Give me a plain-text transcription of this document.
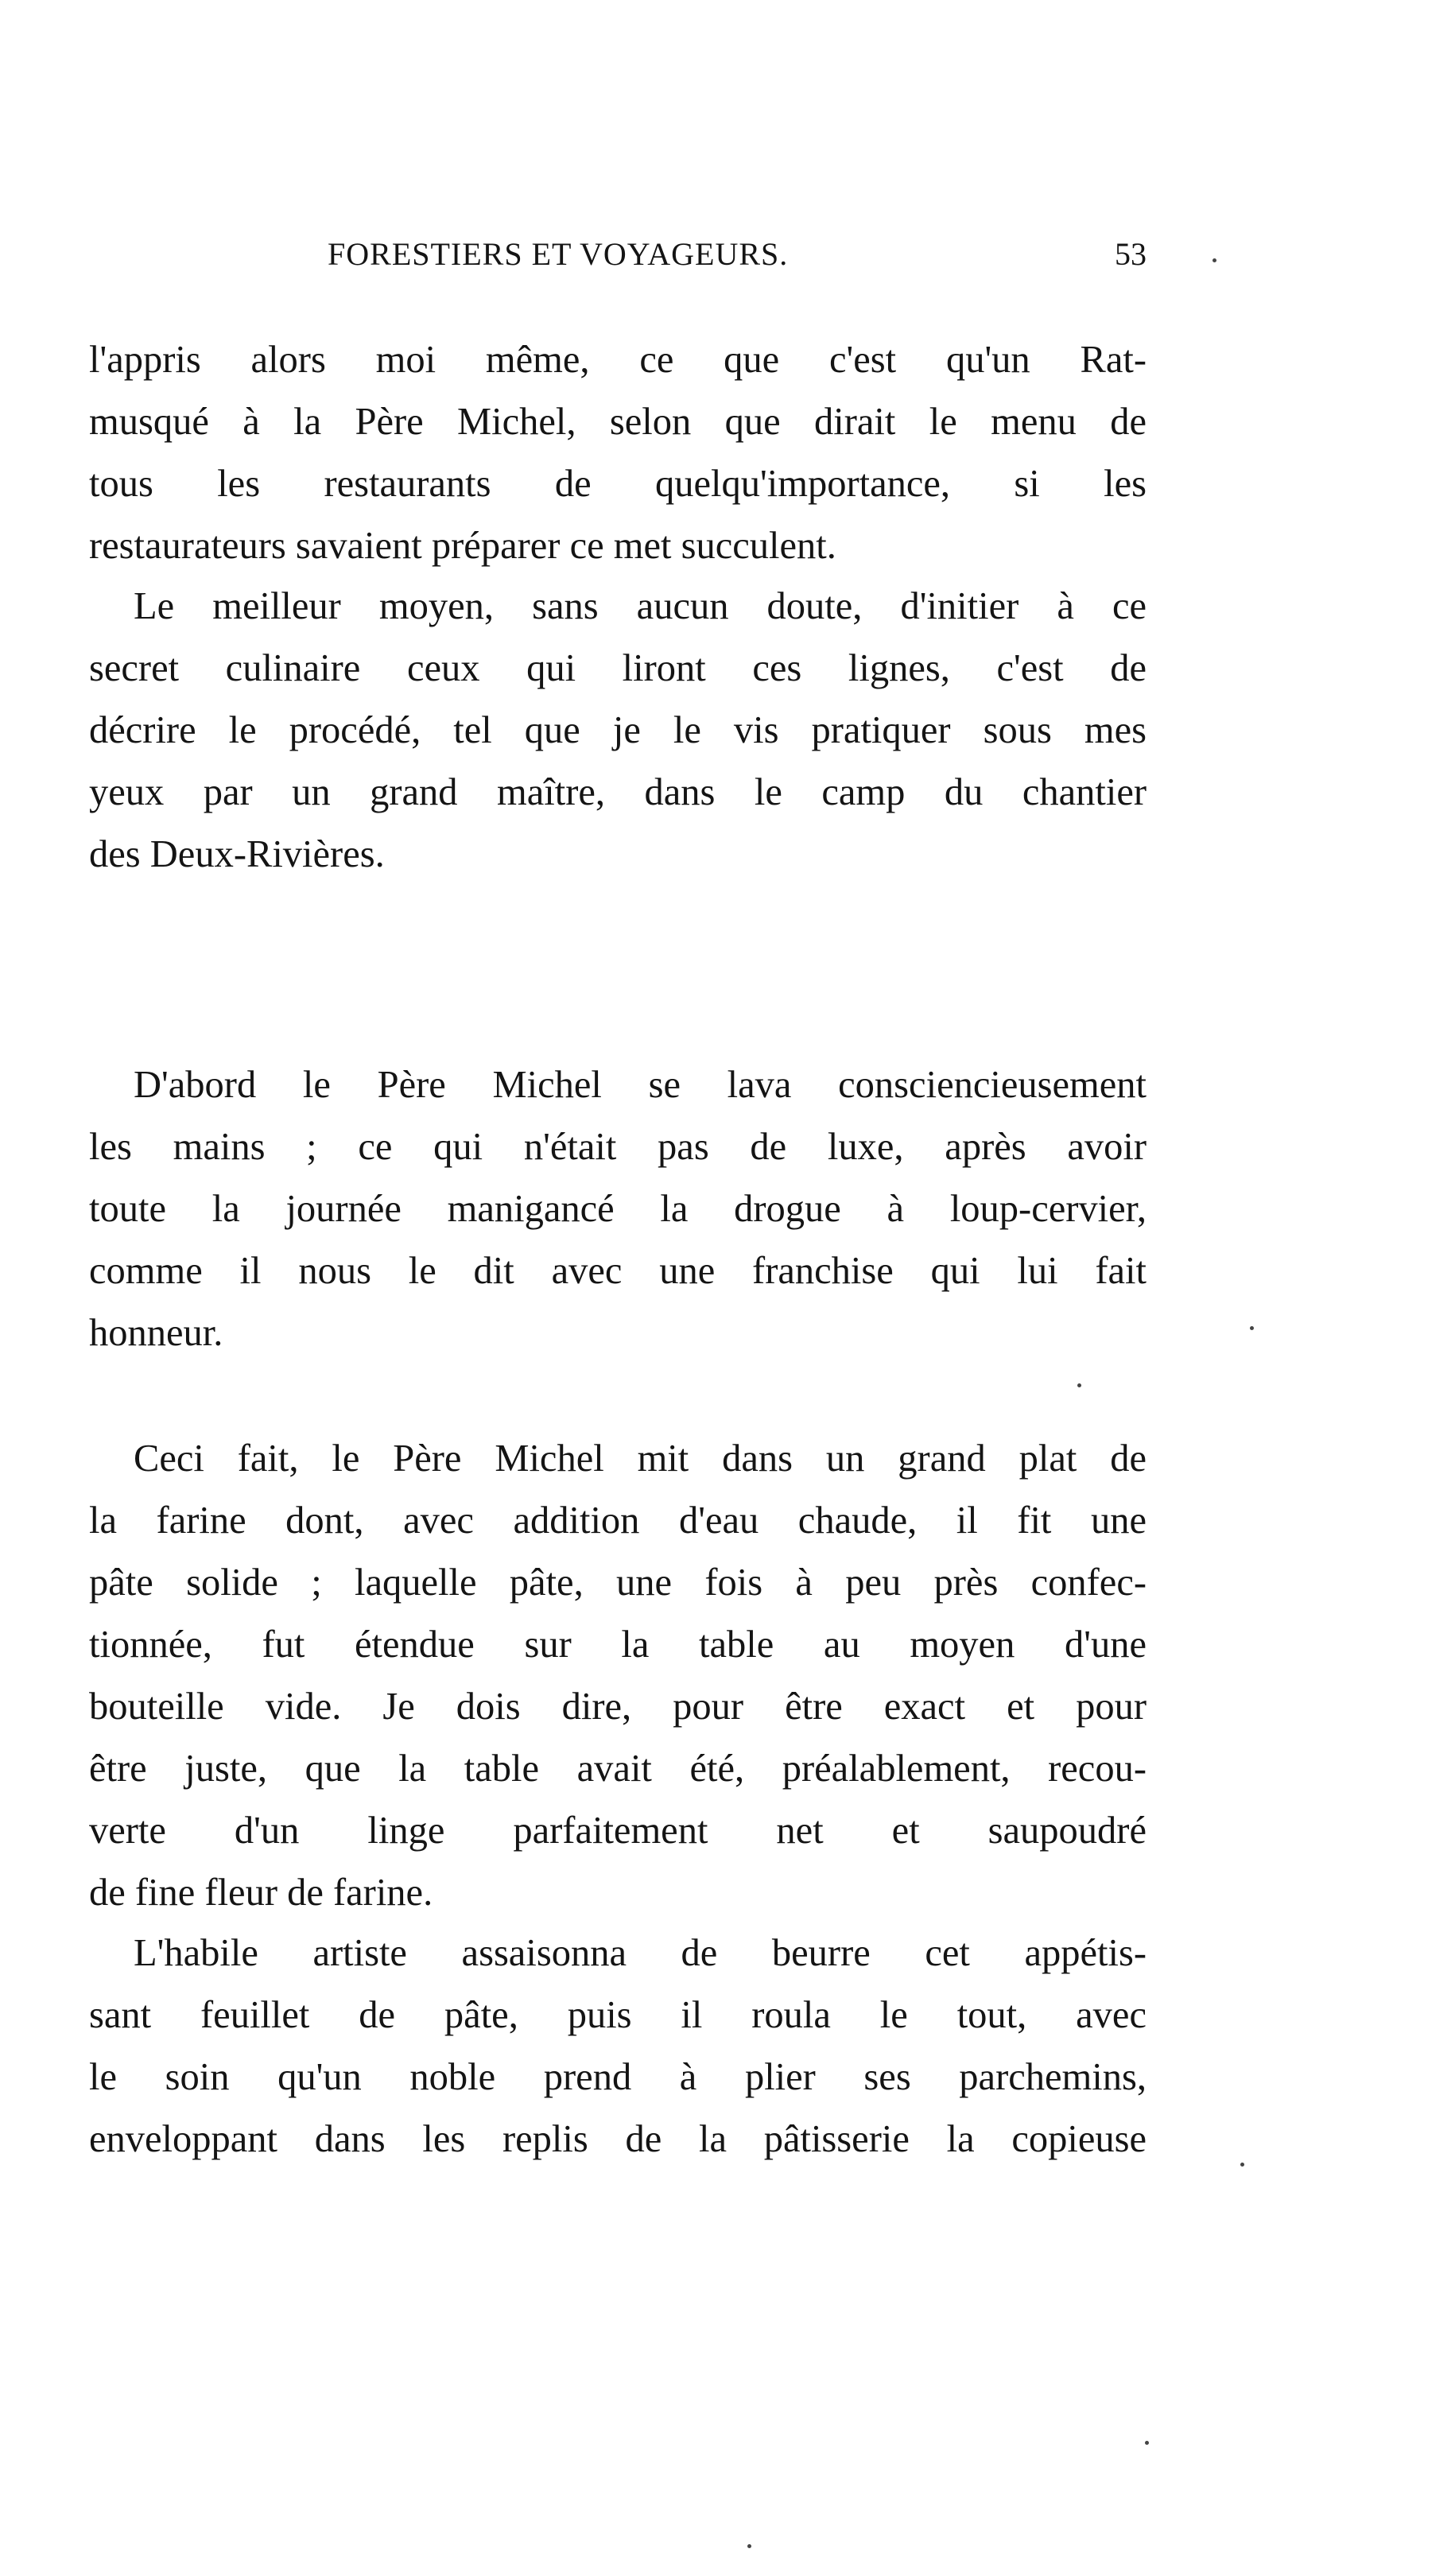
FORESTIERS ET VOYAGEURS.	53
l'appris alors moi même, ce que c'est qu'un Rat-
musqué à la Père Michel, selon que dirait le menu de
tous les restaurants de quelqu'importance, si les
restaurateurs savaient préparer ce met succulent.
Le meilleur moyen, sans aucun doute, d'initier à ce
secret culinaire ceux qui liront ces lignes, c'est de
décrire le procédé, tel que je le vis pratiquer sous mes
yeux par un grand maître, dans le camp du chantier
des Deux-Rivières.
D'abord le Père Michel se lava consciencieusement
les mains ; ce qui n'était pas de luxe, après avoir
toute la journée manigancé la drogue à loup-cervier,
comme il nous le dit avec une franchise qui lui fait
honneur.
Ceci fait, le Père Michel mit dans un grand plat de
la farine dont, avec addition d'eau chaude, il fit une
pâte solide ; laquelle pâte, une fois à peu près confec-
tionnée, fut étendue sur la table au moyen d'une
bouteille vide. Je dois dire, pour être exact et pour
être juste, que la table avait été, préalablement, recou-
verte d'un linge parfaitement net et saupoudré
de fine fleur de farine.
L'habile artiste assaisonna de beurre cet appétis-
sant feuillet de pâte, puis il roula le tout, avec
le soin qu'un noble prend à plier ses parchemins,
enveloppant dans les replis de la pâtisserie la copieuse
